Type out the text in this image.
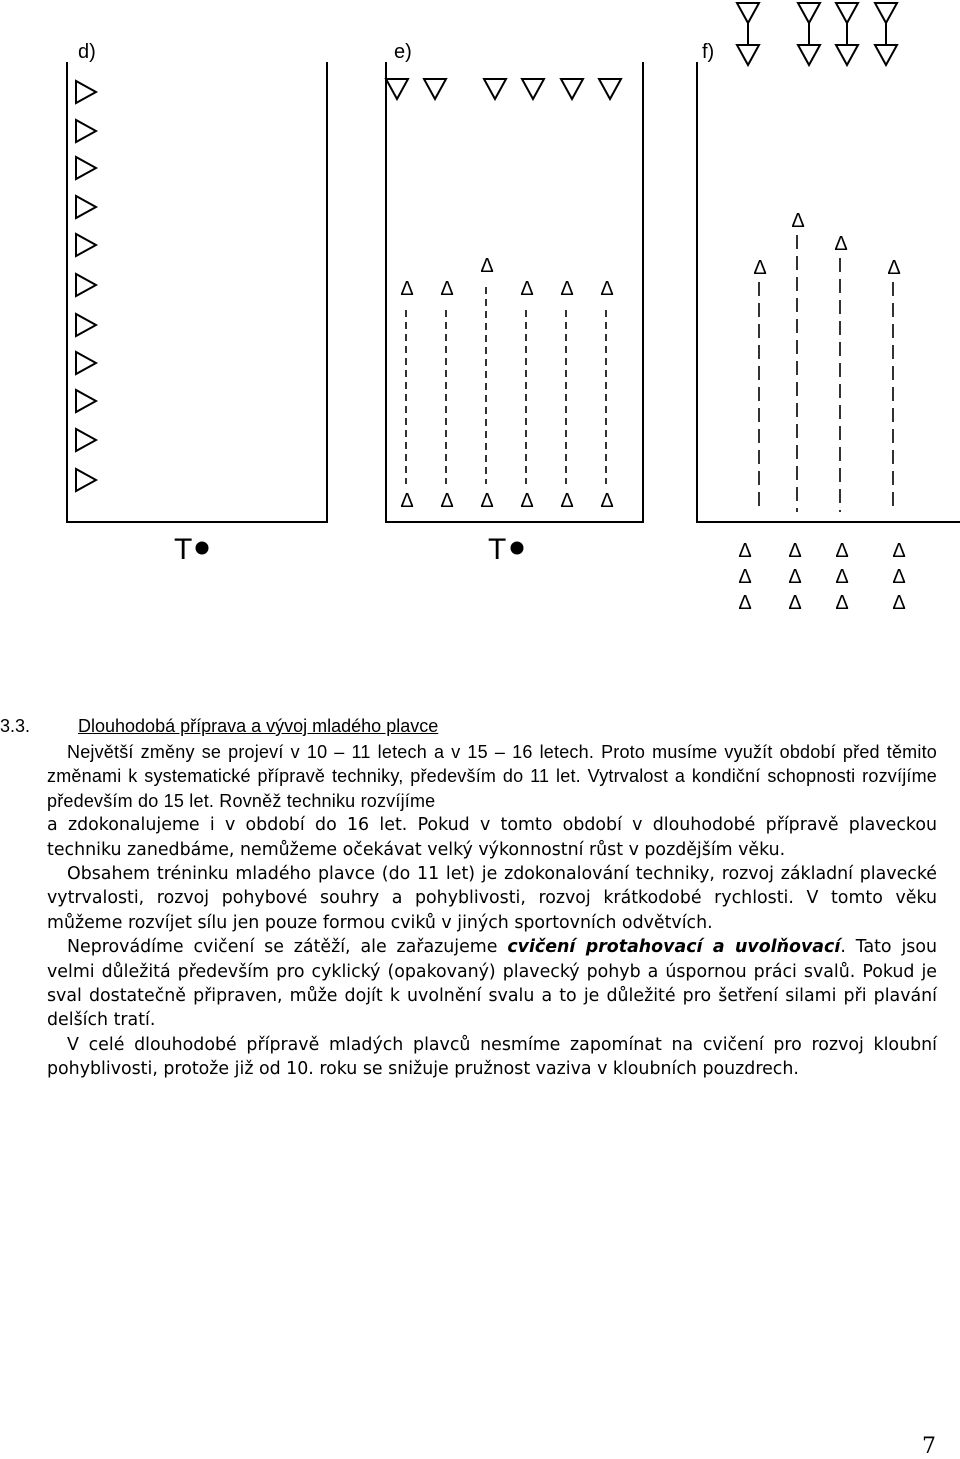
d)
T
e)
Δ
Δ
Δ
Δ
Δ
Δ
Δ
Δ
Δ
Δ
Δ
Δ
T
f)
Δ
Δ
Δ
Δ
Δ Δ Δ Δ
Δ Δ Δ Δ
Δ Δ Δ Δ
3.3.	Dlouhodobá příprava a vývoj mladého plavce

Největší změny se projeví v 10 – 11 letech a v 15 – 16 letech. Proto musíme využít období před těmito změnami k systematické přípravě techniky, především do 11 let. Vytrvalost a kondiční schopnosti rozvíjíme především do 15 let. Rovněž techniku rozvíjíme

a zdokonalujeme i v období do 16 let. Pokud v tomto období v dlouhodobé přípravě plaveckou techniku zanedbáme, nemůžeme očekávat velký výkonnostní růst v pozdějším věku.

Obsahem tréninku mladého plavce (do 11 let) je zdokonalování techniky, rozvoj základní plavecké vytrvalosti, rozvoj pohybové souhry a pohyblivosti, rozvoj krátkodobé rychlosti. V tomto věku můžeme rozvíjet sílu jen pouze formou cviků v jiných sportovních odvětvích.

Neprovádíme cvičení se zátěží, ale zařazujeme cvičení protahovací a uvolňovací. Tato jsou velmi důležitá především pro cyklický (opakovaný) plavecký pohyb a úspornou práci svalů. Pokud je sval dostatečně připraven, může dojít k uvolnění svalu a to je důležité pro šetření silami při plavání delších tratí.

V celé dlouhodobé přípravě mladých plavců nesmíme zapomínat na cvičení pro rozvoj kloubní pohyblivosti, protože již od 10. roku se snižuje pružnost vaziva v kloubních pouzdrech.

7
